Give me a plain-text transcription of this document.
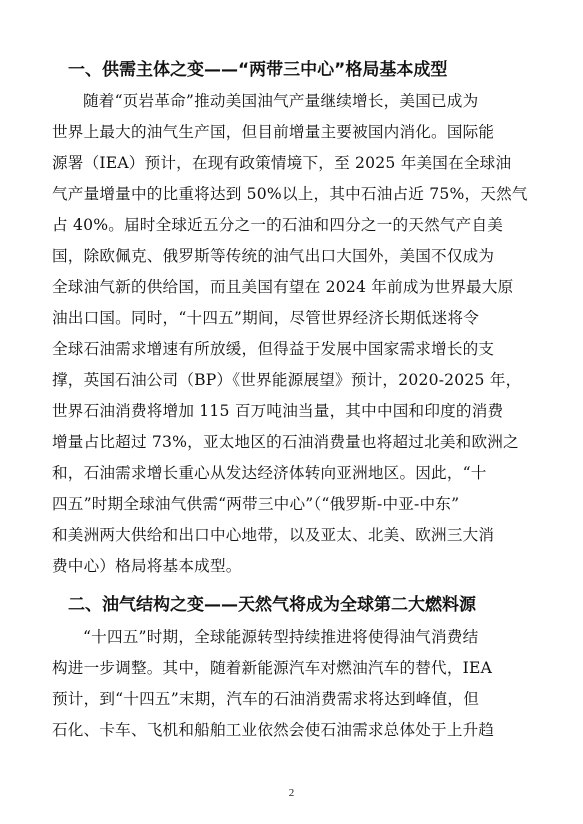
一、供需主体之变——“两带三中心”格局基本成型
随着“页岩革命”推动美国油气产量继续增长，美国已成为
世界上最大的油气生产国，但目前增量主要被国内消化。国际能
源署（IEA）预计，在现有政策情境下，至 2025 年美国在全球油
气产量增量中的比重将达到 50%以上，其中石油占近 75%，天然气
占 40%。届时全球近五分之一的石油和四分之一的天然气产自美
国，除欧佩克、俄罗斯等传统的油气出口大国外，美国不仅成为
全球油气新的供给国，而且美国有望在 2024 年前成为世界最大原
油出口国。同时，“十四五”期间，尽管世界经济长期低迷将令
全球石油需求增速有所放缓，但得益于发展中国家需求增长的支
撑，英国石油公司（BP）《世界能源展望》预计，2020-2025 年，
世界石油消费将增加 115 百万吨油当量，其中中国和印度的消费
增量占比超过 73%，亚太地区的石油消费量也将超过北美和欧洲之
和，石油需求增长重心从发达经济体转向亚洲地区。因此，“十
四五”时期全球油气供需“两带三中心”（“俄罗斯-中亚-中东”
和美洲两大供给和出口中心地带，以及亚太、北美、欧洲三大消
费中心）格局将基本成型。
二、油气结构之变——天然气将成为全球第二大燃料源
“十四五”时期，全球能源转型持续推进将使得油气消费结
构进一步调整。其中，随着新能源汽车对燃油汽车的替代，IEA
预计，到“十四五”末期，汽车的石油消费需求将达到峰值，但
石化、卡车、飞机和船舶工业依然会使石油需求总体处于上升趋
2
